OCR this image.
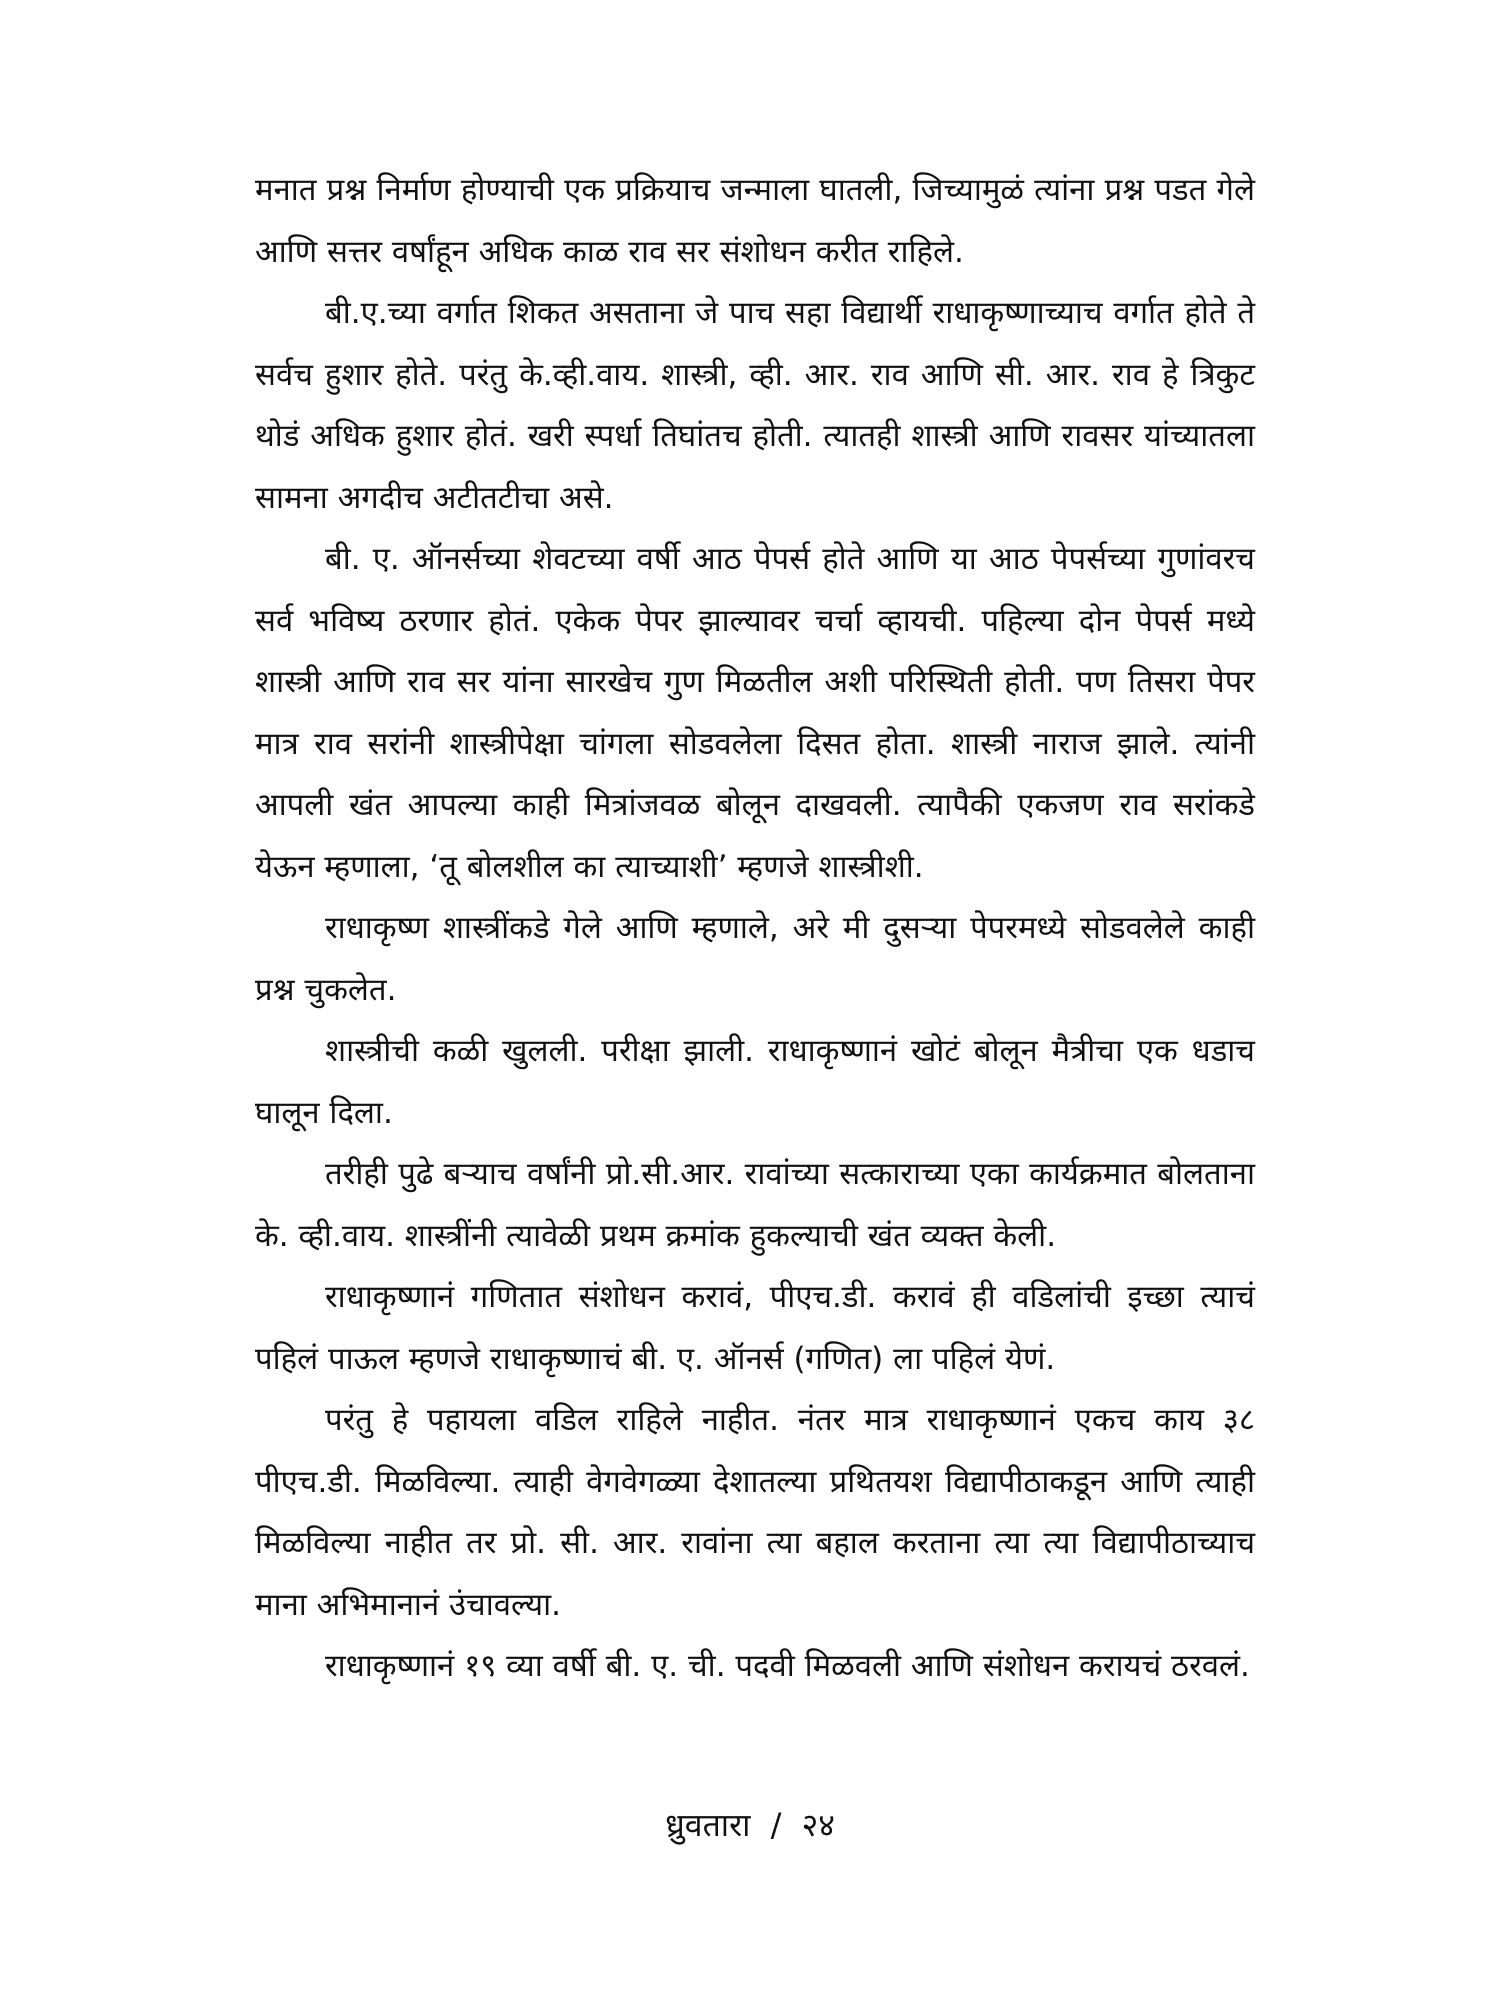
मनात प्रश्न निर्माण होण्याची एक प्रक्रियाच जन्माला घातली, जिच्यामुळं त्यांना प्रश्न पडत गेले आणि सत्तर वर्षांहून अधिक काळ राव सर संशोधन करीत राहिले.

बी.ए.च्या वर्गात शिकत असताना जे पाच सहा विद्यार्थी राधाकृष्णाच्याच वर्गात होते ते सर्वच हुशार होते. परंतु के.व्ही.वाय. शास्त्री, व्ही. आर. राव आणि सी. आर. राव हे त्रिकुट थोडं अधिक हुशार होतं. खरी स्पर्धा तिघांतच होती. त्यातही शास्त्री आणि रावसर यांच्यातला सामना अगदीच अटीतटीचा असे.

बी. ए. ऑनर्सच्या शेवटच्या वर्षी आठ पेपर्स होते आणि या आठ पेपर्सच्या गुणांवरच सर्व भविष्य ठरणार होतं. एकेक पेपर झाल्यावर चर्चा व्हायची. पहिल्या दोन पेपर्स मध्ये शास्त्री आणि राव सर यांना सारखेच गुण मिळतील अशी परिस्थिती होती. पण तिसरा पेपर मात्र राव सरांनी शास्त्रीपेक्षा चांगला सोडवलेला दिसत होता. शास्त्री नाराज झाले. त्यांनी आपली खंत आपल्या काही मित्रांजवळ बोलून दाखवली. त्यापैकी एकजण राव सरांकडे येऊन म्हणाला, ‘तू बोलशील का त्याच्याशी’ म्हणजे शास्त्रीशी.

राधाकृष्ण शास्त्रींकडे गेले आणि म्हणाले, अरे मी दुसऱ्या पेपरमध्ये सोडवलेले काही प्रश्न चुकलेत.

शास्त्रीची कळी खुलली. परीक्षा झाली. राधाकृष्णानं खोटं बोलून मैत्रीचा एक धडाच घालून दिला.

तरीही पुढे बऱ्याच वर्षांनी प्रो.सी.आर. रावांच्या सत्काराच्या एका कार्यक्रमात बोलताना के. व्ही.वाय. शास्त्रींनी त्यावेळी प्रथम क्रमांक हुकल्याची खंत व्यक्त केली.

राधाकृष्णानं गणितात संशोधन करावं, पीएच.डी. करावं ही वडिलांची इच्छा त्याचं पहिलं पाऊल म्हणजे राधाकृष्णाचं बी. ए. ऑनर्स (गणित) ला पहिलं येणं.

परंतु हे पहायला वडिल राहिले नाहीत. नंतर मात्र राधाकृष्णानं एकच काय ३८ पीएच.डी. मिळविल्या. त्याही वेगवेगळ्या देशातल्या प्रथितयश विद्यापीठाकडून आणि त्याही मिळविल्या नाहीत तर प्रो. सी. आर. रावांना त्या बहाल करताना त्या त्या विद्यापीठाच्याच माना अभिमानानं उंचावल्या.

राधाकृष्णानं १९ व्या वर्षी बी. ए. ची. पदवी मिळवली आणि संशोधन करायचं ठरवलं.

ध्रुवतारा / २४
